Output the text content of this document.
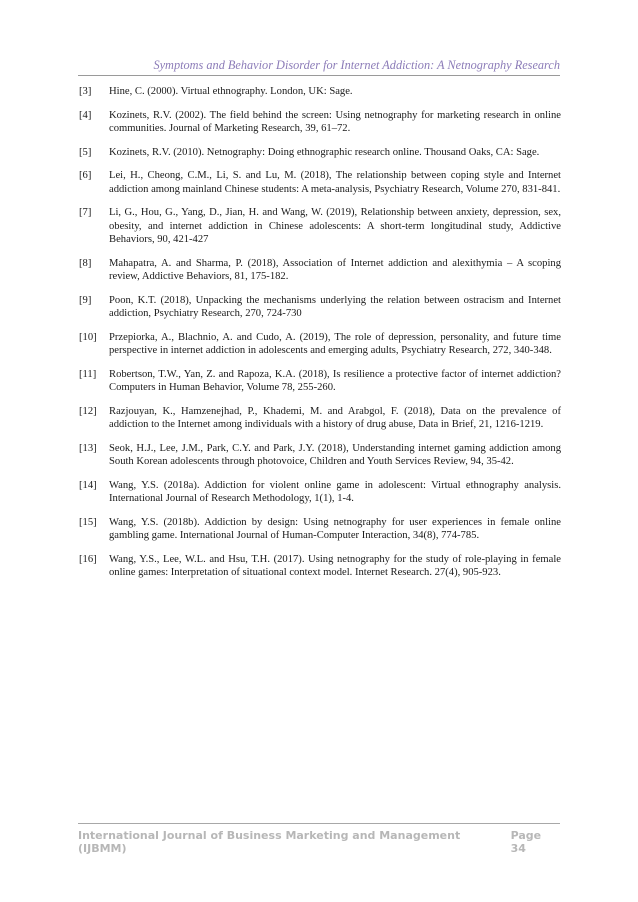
Symptoms and Behavior Disorder for Internet Addiction: A Netnography Research
[3]	Hine, C. (2000). Virtual ethnography. London, UK: Sage.
[4]	Kozinets, R.V. (2002). The field behind the screen: Using netnography for marketing research in online communities. Journal of Marketing Research, 39, 61–72.
[5]	Kozinets, R.V. (2010). Netnography: Doing ethnographic research online. Thousand Oaks, CA: Sage.
[6]	Lei, H., Cheong, C.M., Li, S. and Lu, M. (2018), The relationship between coping style and Internet addiction among mainland Chinese students: A meta-analysis, Psychiatry Research, Volume 270, 831-841.
[7]	Li, G., Hou, G., Yang, D., Jian, H. and Wang, W. (2019), Relationship between anxiety, depression, sex, obesity, and internet addiction in Chinese adolescents: A short-term longitudinal study, Addictive Behaviors, 90, 421-427
[8]	Mahapatra, A. and Sharma, P. (2018), Association of Internet addiction and alexithymia – A scoping review, Addictive Behaviors, 81, 175-182.
[9]	Poon, K.T. (2018), Unpacking the mechanisms underlying the relation between ostracism and Internet addiction, Psychiatry Research, 270, 724-730
[10]	Przepiorka, A., Blachnio, A. and Cudo, A. (2019), The role of depression, personality, and future time perspective in internet addiction in adolescents and emerging adults, Psychiatry Research, 272, 340-348.
[11]	Robertson, T.W., Yan, Z. and Rapoza, K.A. (2018), Is resilience a protective factor of internet addiction? Computers in Human Behavior, Volume 78, 255-260.
[12]	Razjouyan, K., Hamzenejhad, P., Khademi, M. and Arabgol, F. (2018), Data on the prevalence of addiction to the Internet among individuals with a history of drug abuse, Data in Brief, 21, 1216-1219.
[13]	Seok, H.J., Lee, J.M., Park, C.Y. and Park, J.Y. (2018), Understanding internet gaming addiction among South Korean adolescents through photovoice, Children and Youth Services Review, 94, 35-42.
[14]	Wang, Y.S. (2018a). Addiction for violent online game in adolescent: Virtual ethnography analysis. International Journal of Research Methodology, 1(1), 1-4.
[15]	Wang, Y.S. (2018b). Addiction by design: Using netnography for user experiences in female online gambling game. International Journal of Human-Computer Interaction, 34(8), 774-785.
[16]	Wang, Y.S., Lee, W.L. and Hsu, T.H. (2017). Using netnography for the study of role-playing in female online games: Interpretation of situational context model. Internet Research. 27(4), 905-923.
International Journal of Business Marketing and Management (IJBMM)
Page 34
